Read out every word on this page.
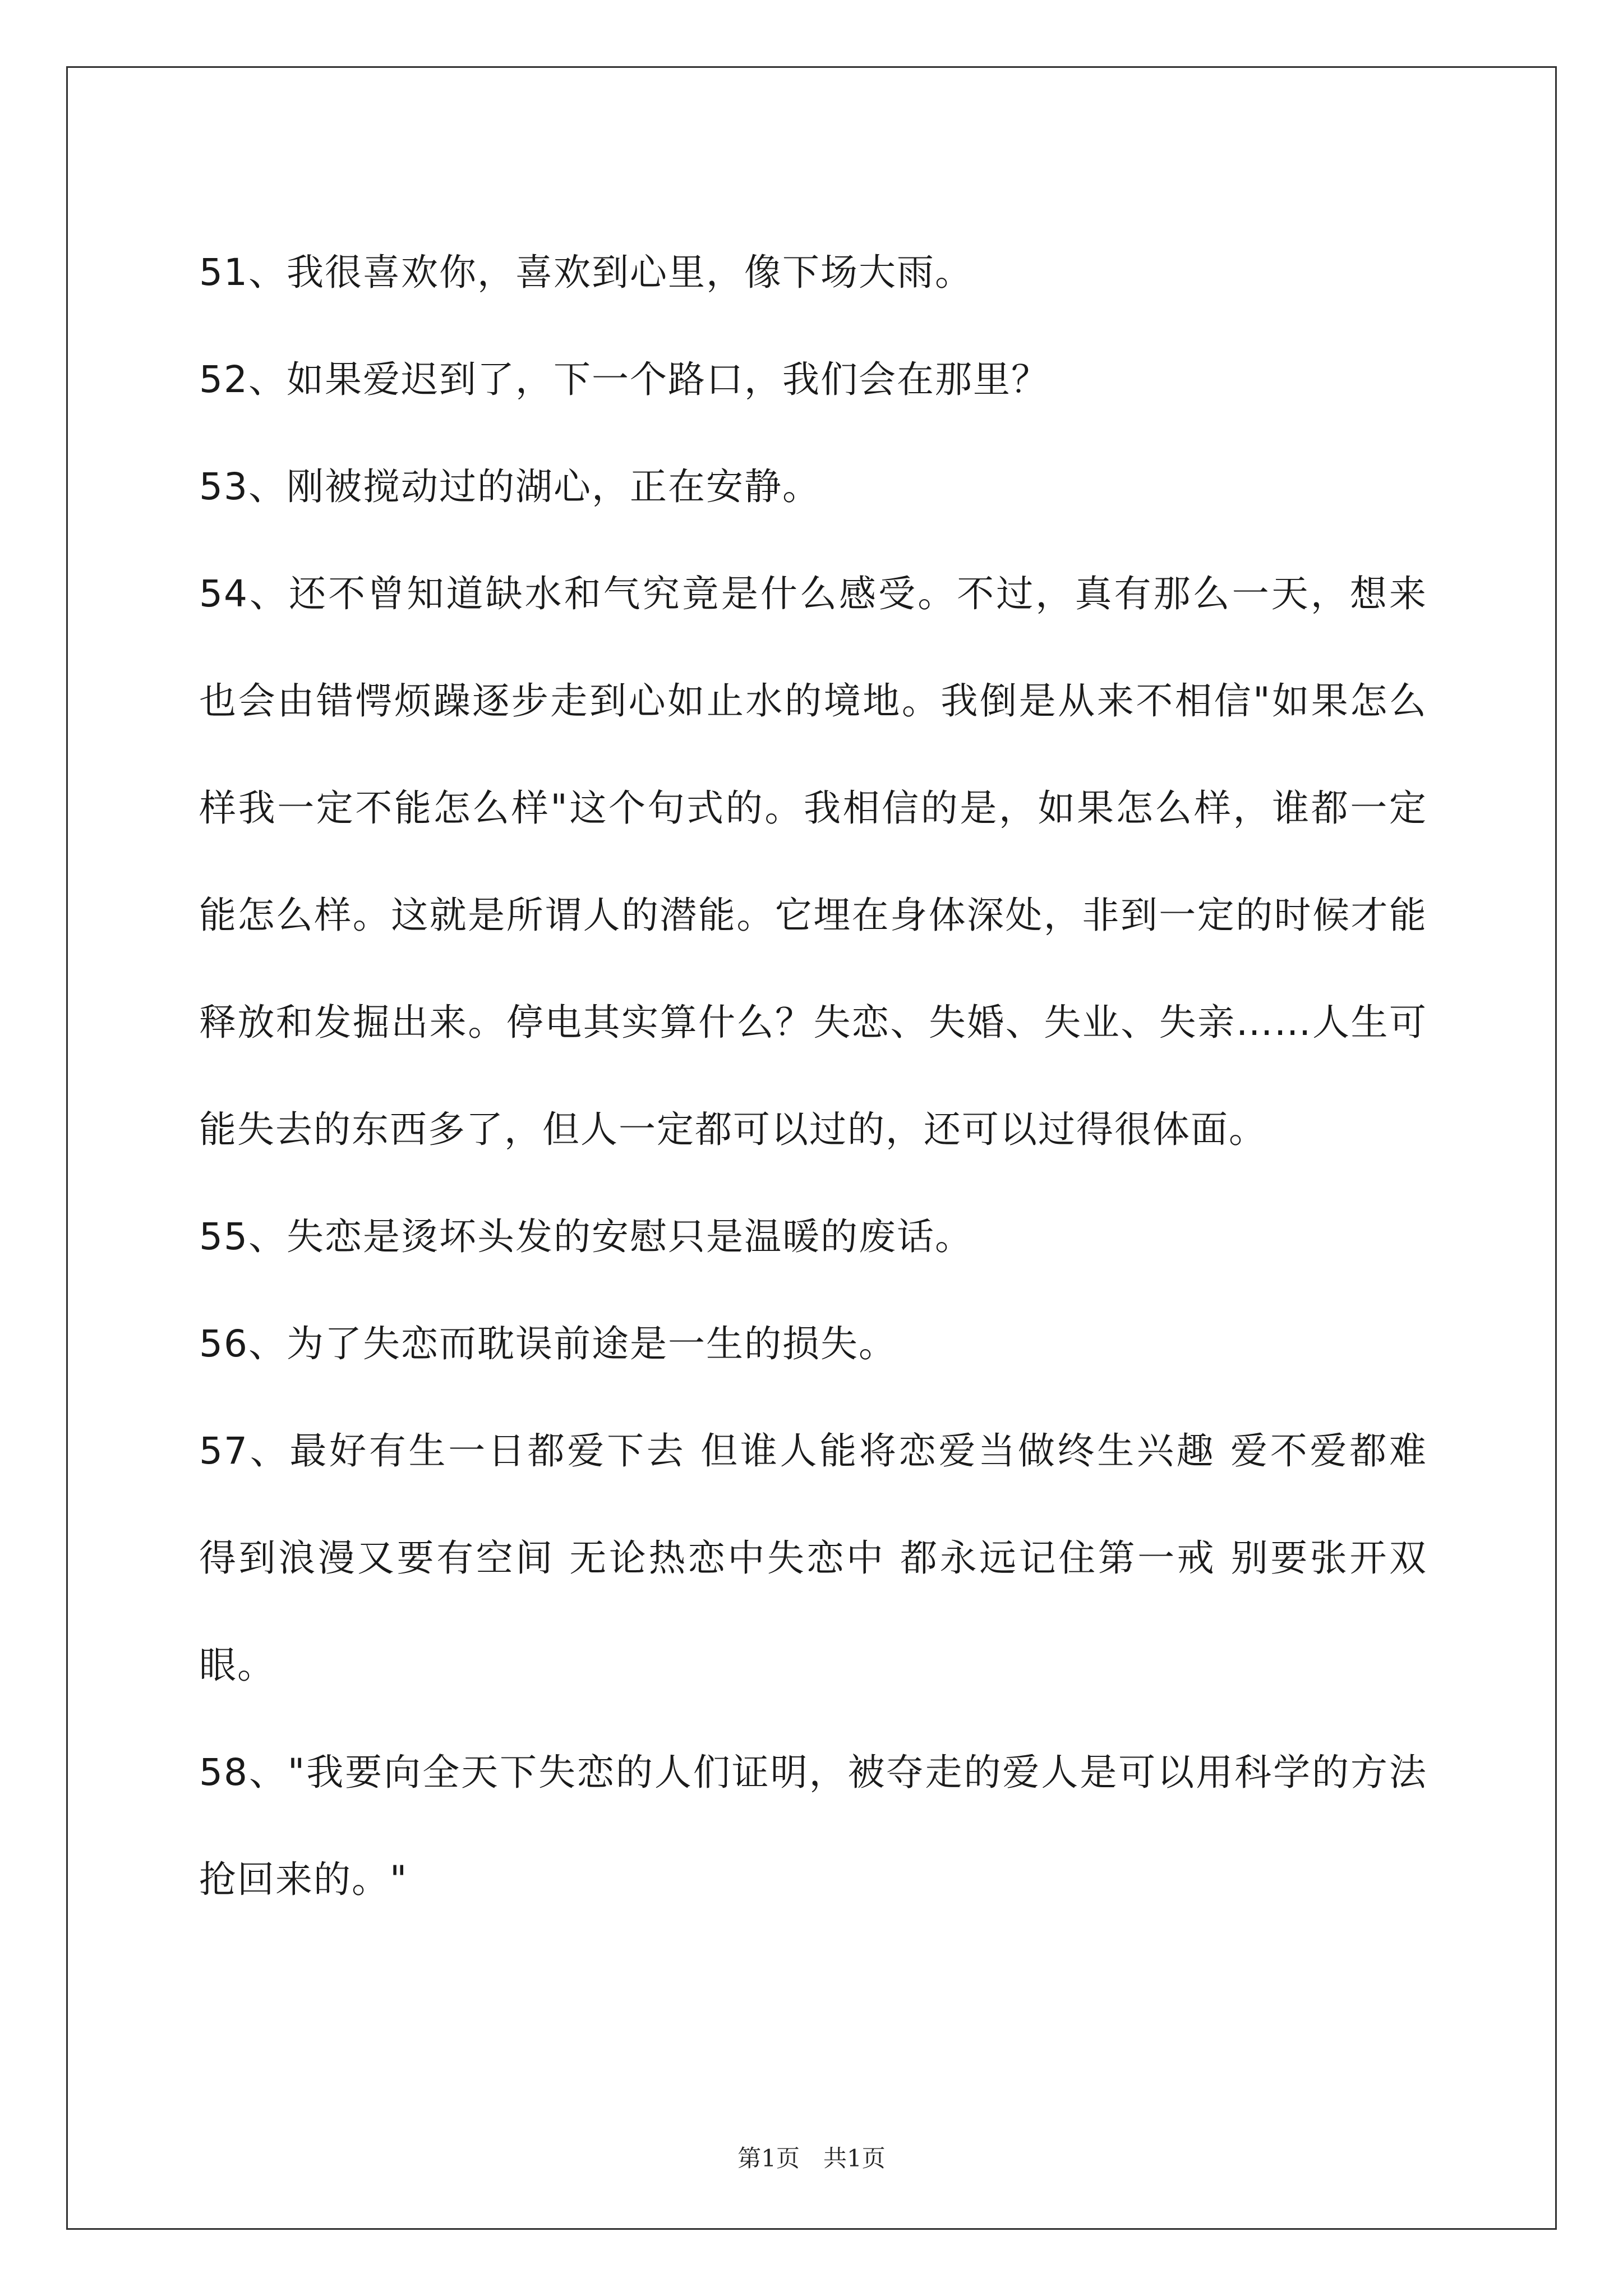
51、我很喜欢你，喜欢到心里，像下场大雨。

52、如果爱迟到了，下一个路口，我们会在那里？

53、刚被搅动过的湖心，正在安静。

54、还不曾知道缺水和气究竟是什么感受。不过，真有那么一天，想来也会由错愕烦躁逐步走到心如止水的境地。我倒是从来不相信"如果怎么样我一定不能怎么样"这个句式的。我相信的是，如果怎么样，谁都一定能怎么样。这就是所谓人的潜能。它埋在身体深处，非到一定的时候才能释放和发掘出来。停电其实算什么？失恋、失婚、失业、失亲……人生可能失去的东西多了，但人一定都可以过的，还可以过得很体面。

55、失恋是烫坏头发的安慰只是温暖的废话。

56、为了失恋而耽误前途是一生的损失。

57、最好有生一日都爱下去 但谁人能将恋爱当做终生兴趣 爱不爱都难 得到浪漫又要有空间 无论热恋中失恋中 都永远记住第一戒 别要张开双眼。

58、"我要向全天下失恋的人们证明，被夺走的爱人是可以用科学的方法抢回来的。"

第1页　共1页
